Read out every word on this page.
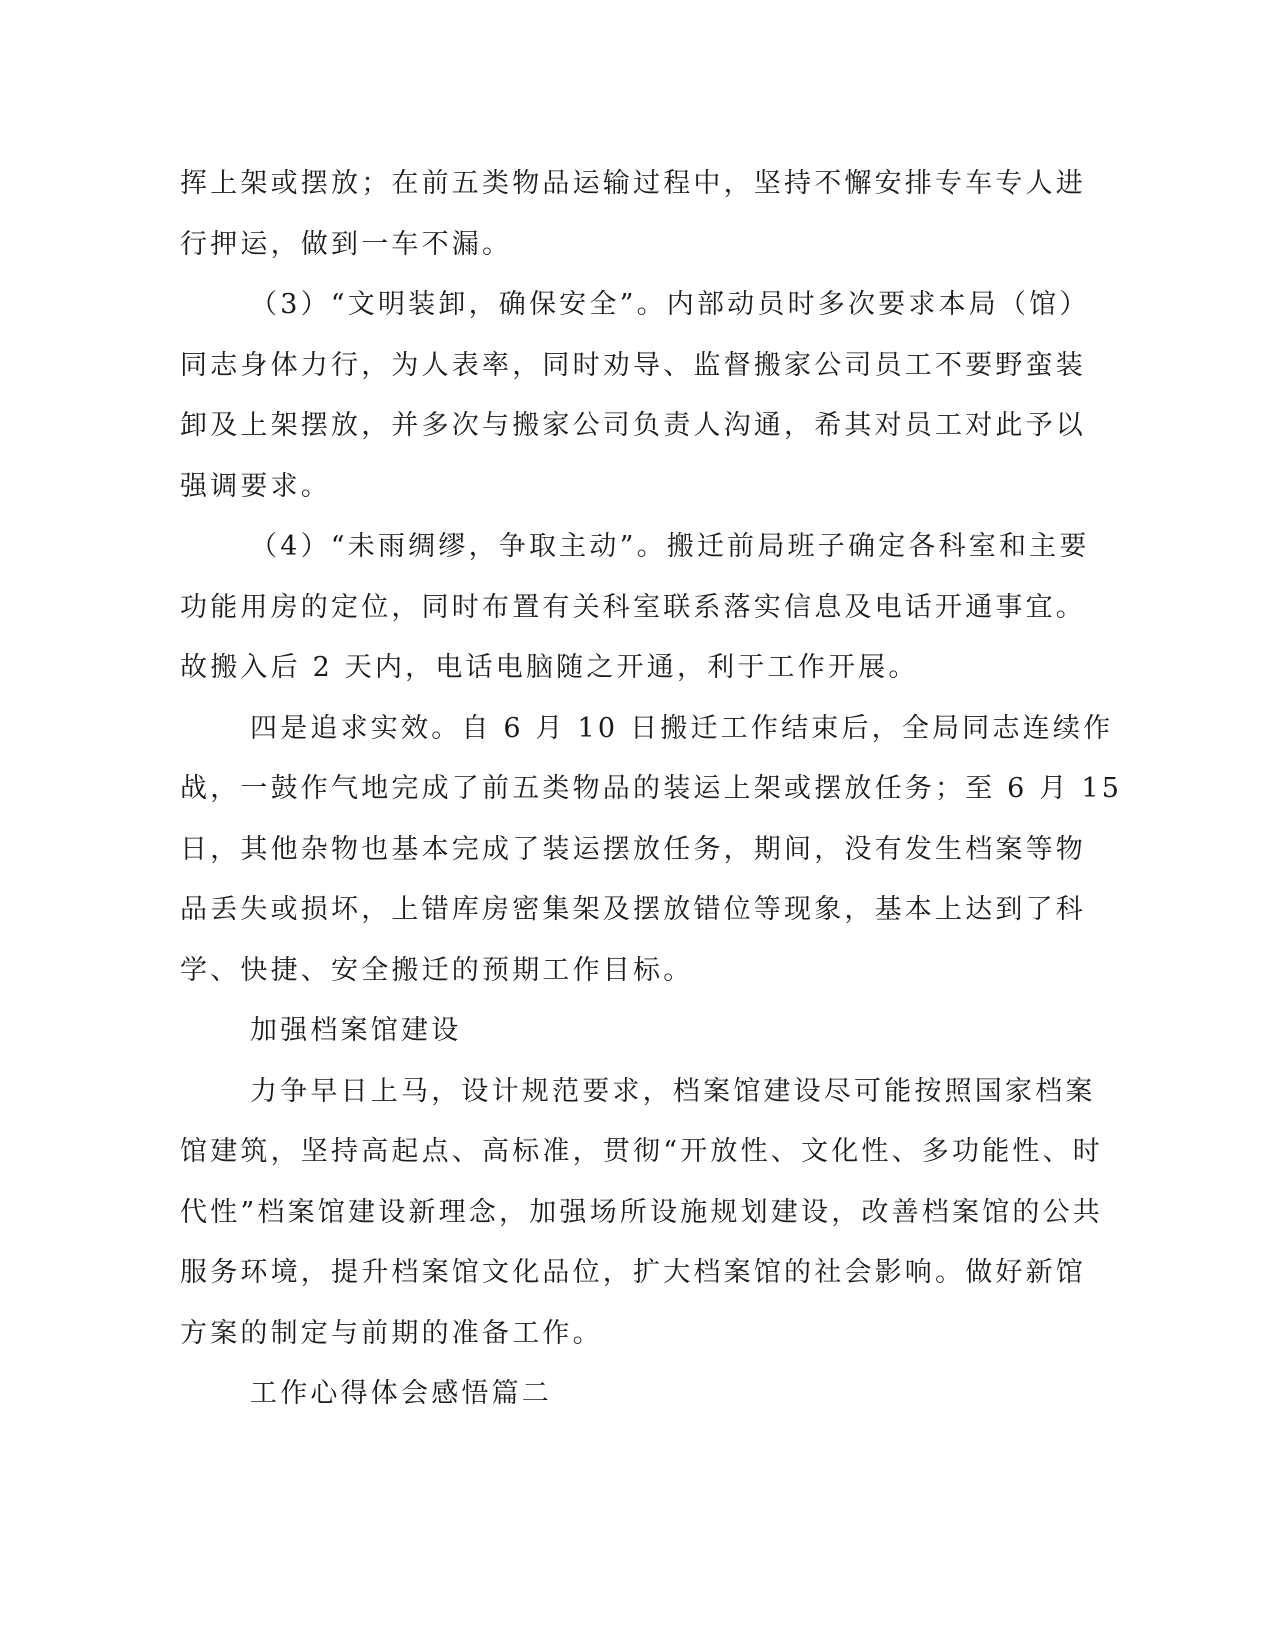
挥上架或摆放；在前五类物品运输过程中，坚持不懈安排专车专人进
行押运，做到一车不漏。

（3）“文明装卸，确保安全”。内部动员时多次要求本局（馆）
同志身体力行，为人表率，同时劝导、监督搬家公司员工不要野蛮装
卸及上架摆放，并多次与搬家公司负责人沟通，希其对员工对此予以
强调要求。

（4）“未雨绸缪，争取主动”。搬迁前局班子确定各科室和主要
功能用房的定位，同时布置有关科室联系落实信息及电话开通事宜。
故搬入后 2 天内，电话电脑随之开通，利于工作开展。

四是追求实效。自 6 月 10 日搬迁工作结束后，全局同志连续作
战，一鼓作气地完成了前五类物品的装运上架或摆放任务；至 6 月 15
日，其他杂物也基本完成了装运摆放任务，期间，没有发生档案等物
品丢失或损坏，上错库房密集架及摆放错位等现象，基本上达到了科
学、快捷、安全搬迁的预期工作目标。

加强档案馆建设

力争早日上马，设计规范要求，档案馆建设尽可能按照国家档案
馆建筑，坚持高起点、高标准，贯彻“开放性、文化性、多功能性、时
代性”档案馆建设新理念，加强场所设施规划建设，改善档案馆的公共
服务环境，提升档案馆文化品位，扩大档案馆的社会影响。做好新馆
方案的制定与前期的准备工作。

工作心得体会感悟篇二
